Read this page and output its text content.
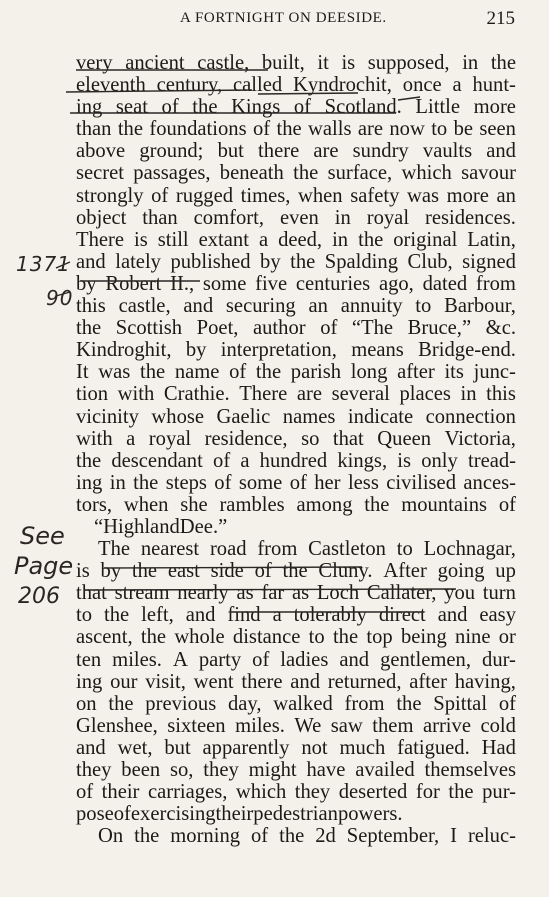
A FORTNIGHT ON DEESIDE.	215
very ancient castle, built, it is supposed, in the
eleventh century, called Kyndrochit, once a hunt-
ing seat of the Kings of Scotland. Little more
than the foundations of the walls are now to be seen
above ground; but there are sundry vaults and
secret passages, beneath the surface, which savour
strongly of rugged times, when safety was more an
object than comfort, even in royal residences.
There is still extant a deed, in the original Latin,
and lately published by the Spalding Club, signed
by Robert II., some five centuries ago, dated from
this castle, and securing an annuity to Barbour,
the Scottish Poet, author of “The Bruce,” &c.
Kindroghit, by interpretation, means Bridge-end.
It was the name of the parish long after its junc-
tion with Crathie. There are several places in this
vicinity whose Gaelic names indicate connection
with a royal residence, so that Queen Victoria,
the descendant of a hundred kings, is only tread-
ing in the steps of some of her less civilised ances-
tors, when she rambles among the mountains of
“ Highland Dee.”
The nearest road from Castleton to Lochnagar,
is by the east side of the Cluny. After going up
that stream nearly as far as Loch Callater, you turn
to the left, and find a tolerably direct and easy
ascent, the whole distance to the top being nine or
ten miles. A party of ladies and gentlemen, dur-
ing our visit, went there and returned, after having,
on the previous day, walked from the Spittal of
Glenshee, sixteen miles. We saw them arrive cold
and wet, but apparently not much fatigued. Had
they been so, they might have availed themselves
of their carriages, which they deserted for the pur-
pose of exercising their pedestrian powers.
On the morning of the 2d September, I reluc-
1371
90
See
Page
206
